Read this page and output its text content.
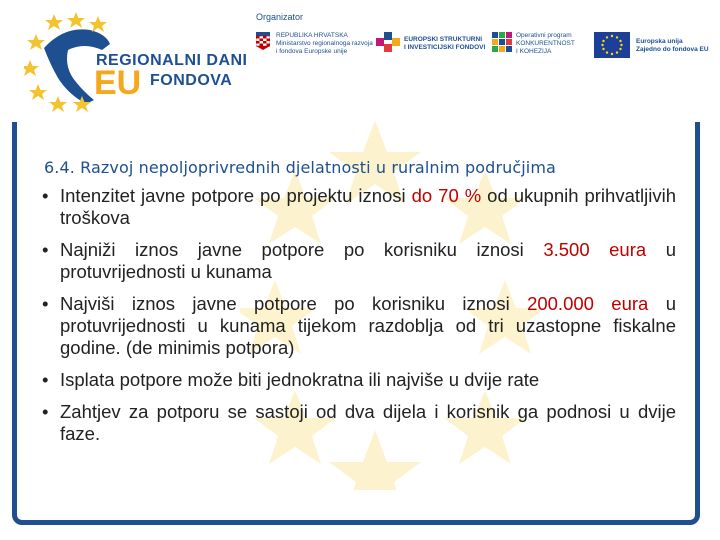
REGIONALNI DANI
EU FONDOVA
Organizator
REPUBLIKA HRVATSKA
Ministarstvo regionalnoga razvoja
i fondova Europske unije
EUROPSKI STRUKTURNI
I INVESTICIJSKI FONDOVI
Operativni program
KONKURENTNOST
I KOHEZIJA
Europska unija
Zajedno do fondova EU
6.4. Razvoj nepoljoprivrednih djelatnosti u ruralnim područjima
• Intenzitet javne potpore po projektu iznosi do 70 % od ukupnih prihvatljivih troškova
• Najniži iznos javne potpore po korisniku iznosi 3.500 eura u protuvrijednosti u kunama
• Najviši iznos javne potpore po korisniku iznosi 200.000 eura u protuvrijednosti u kunama tijekom razdoblja od tri uzastopne fiskalne godine. (de minimis potpora)
• Isplata potpore može biti jednokratna ili najviše u dvije rate
• Zahtjev za potporu se sastoji od dva dijela i korisnik ga podnosi u dvije faze.
